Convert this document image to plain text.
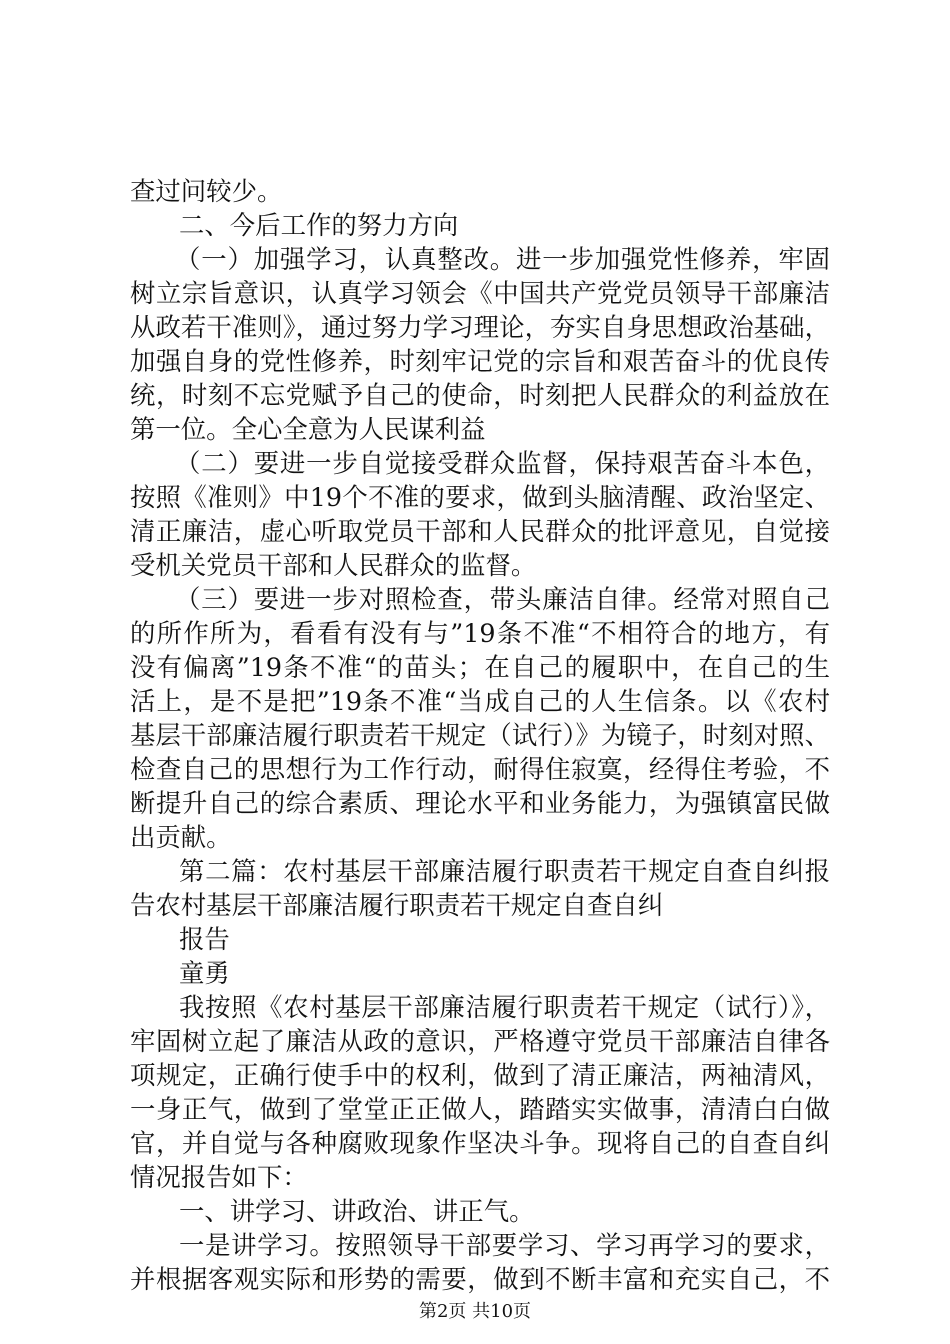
查过问较少。
二、今后工作的努力方向
（一）加强学习，认真整改。进一步加强党性修养，牢固
树立宗旨意识，认真学习领会《中国共产党党员领导干部廉洁
从政若干准则》，通过努力学习理论，夯实自身思想政治基础，
加强自身的党性修养，时刻牢记党的宗旨和艰苦奋斗的优良传
统，时刻不忘党赋予自己的使命，时刻把人民群众的利益放在
第一位。全心全意为人民谋利益
（二）要进一步自觉接受群众监督，保持艰苦奋斗本色，
按照《准则》中19个不准的要求，做到头脑清醒、政治坚定、
清正廉洁，虚心听取党员干部和人民群众的批评意见，自觉接
受机关党员干部和人民群众的监督。
（三）要进一步对照检查，带头廉洁自律。经常对照自己
的所作所为，看看有没有与”19条不准“不相符合的地方，有
没有偏离”19条不准“的苗头；在自己的履职中，在自己的生
活上，是不是把”19条不准“当成自己的人生信条。以《农村
基层干部廉洁履行职责若干规定（试行）》为镜子，时刻对照、
检查自己的思想行为工作行动，耐得住寂寞，经得住考验，不
断提升自己的综合素质、理论水平和业务能力，为强镇富民做
出贡献。
第二篇：农村基层干部廉洁履行职责若干规定自查自纠报
告农村基层干部廉洁履行职责若干规定自查自纠
报告
童勇
我按照《农村基层干部廉洁履行职责若干规定（试行）》，
牢固树立起了廉洁从政的意识，严格遵守党员干部廉洁自律各
项规定，正确行使手中的权利，做到了清正廉洁，两袖清风，
一身正气，做到了堂堂正正做人，踏踏实实做事，清清白白做
官，并自觉与各种腐败现象作坚决斗争。现将自己的自查自纠
情况报告如下：
一、讲学习、讲政治、讲正气。
一是讲学习。按照领导干部要学习、学习再学习的要求，
并根据客观实际和形势的需要，做到不断丰富和充实自己，不
第2页 共10页
